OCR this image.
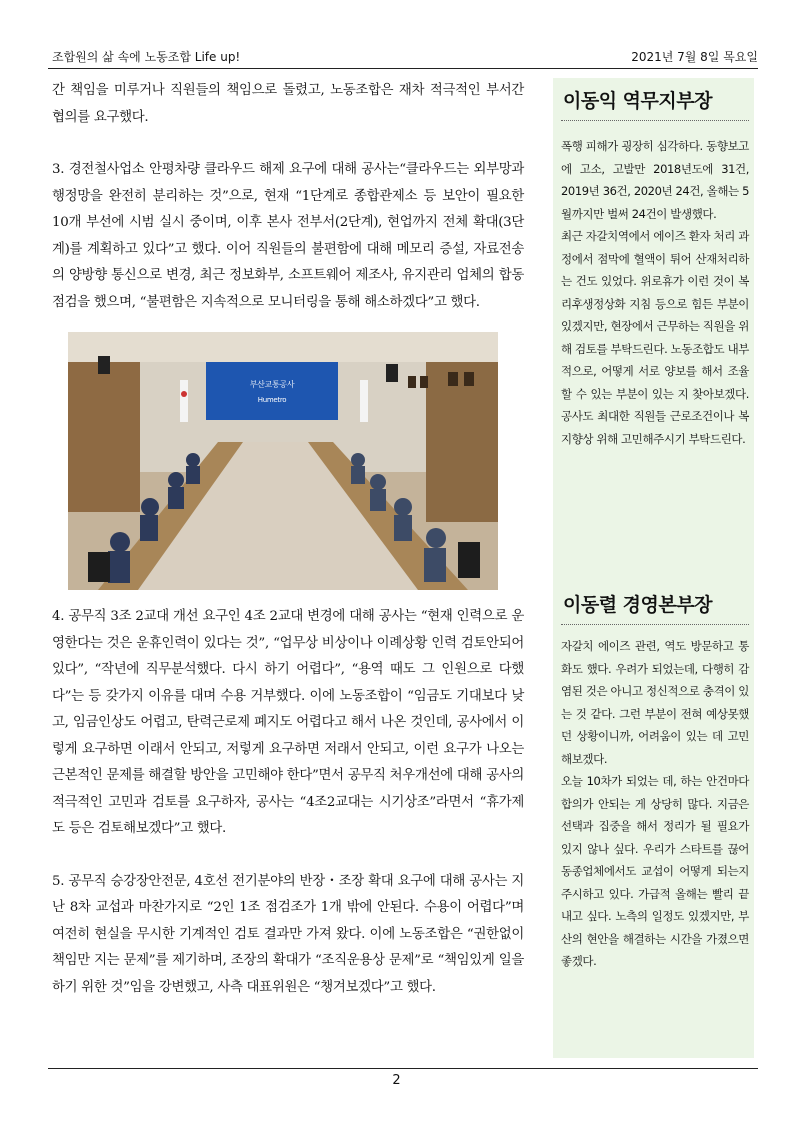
조합원의 삶 속에 노동조합 Life up!	2021년 7월 8일 목요일

간 책임을 미루거나 직원들의 책임으로 돌렸고, 노동조합은 재차 적극적인 부서간 협의를 요구했다.

3. 경전철사업소 안평차량 클라우드 해제 요구에 대해 공사는“클라우드는 외부망과 행정망을 완전히 분리하는 것”으로, 현재 “1단계로 종합관제소 등 보안이 필요한 10개 부선에 시범 실시 중이며, 이후 본사 전부서(2단계), 현업까지 전체 확대(3단계)를 계획하고 있다”고 했다. 이어 직원들의 불편함에 대해 메모리 증설, 자료전송의 양방향 통신으로 변경, 최근 정보화부, 소프트웨어 제조사, 유지관리 업체의 합동점검을 했으며, “불편함은 지속적으로 모니터링을 통해 해소하겠다”고 했다.

부산교통공사
Humetro

4. 공무직 3조 2교대 개선 요구인 4조 2교대 변경에 대해 공사는 “현재 인력으로 운영한다는 것은 운휴인력이 있다는 것”, “업무상 비상이나 이례상황 인력 검토안되어 있다”, “작년에 직무분석했다. 다시 하기 어렵다”, “용역 때도 그 인원으로 다했다”는 등 갖가지 이유를 대며 수용 거부했다. 이에 노동조합이 “임금도 기대보다 낮고, 임금인상도 어렵고, 탄력근로제 폐지도 어렵다고 해서 나온 것인데, 공사에서 이렇게 요구하면 이래서 안되고, 저렇게 요구하면 저래서 안되고, 이런 요구가 나오는 근본적인 문제를 해결할 방안을 고민해야 한다”면서 공무직 처우개선에 대해 공사의 적극적인 고민과 검토를 요구하자, 공사는 “4조2교대는 시기상조”라면서 “휴가제도 등은 검토해보겠다”고 했다.

5. 공무직 승강장안전문, 4호선 전기분야의 반장・조장 확대 요구에 대해 공사는 지난 8차 교섭과 마찬가지로 “2인 1조 점검조가 1개 밖에 안된다. 수용이 어렵다”며 여전히 현실을 무시한 기계적인 검토 결과만 가져 왔다. 이에 노동조합은 “권한없이 책임만 지는 문제”를 제기하며, 조장의 확대가 “조직운용상 문제”로 “책임있게 일을 하기 위한 것”임을 강변했고, 사측 대표위원은 “챙겨보겠다”고 했다.

이동익 역무지부장

폭행 피해가 굉장히 심각하다. 동향보고에 고소, 고발만 2018년도에 31건, 2019년 36건, 2020년 24건, 올해는 5월까지만 벌써 24건이 발생했다.

최근 자갈치역에서 에이즈 환자 처리 과정에서 점막에 혈액이 튀어 산재처리하는 건도 있었다. 위로휴가 이런 것이 복리후생정상화 지침 등으로 힘든 부분이 있겠지만, 현장에서 근무하는 직원을 위해 검토를 부탁드린다. 노동조합도 내부적으로, 어떻게 서로 양보를 해서 조율할 수 있는 부분이 있는 지 찾아보겠다. 공사도 최대한 직원들 근로조건이나 복지향상 위해 고민해주시기 부탁드린다.

이동렬 경영본부장

자갈치 에이즈 관련, 역도 방문하고 통화도 했다. 우려가 되었는데, 다행히 감염된 것은 아니고 정신적으로 충격이 있는 것 같다. 그런 부분이 전혀 예상못했던 상황이니까, 어려움이 있는 데 고민해보겠다.

오늘 10차가 되었는 데, 하는 안건마다 합의가 안되는 게 상당히 많다. 지금은 선택과 집중을 해서 정리가 될 필요가 있지 않나 싶다. 우리가 스타트를 끊어 동종업체에서도 교섭이 어떻게 되는지 주시하고 있다. 가급적 올해는 빨리 끝내고 싶다. 노측의 일정도 있겠지만, 부산의 현안을 해결하는 시간을 가졌으면 좋겠다.

2
